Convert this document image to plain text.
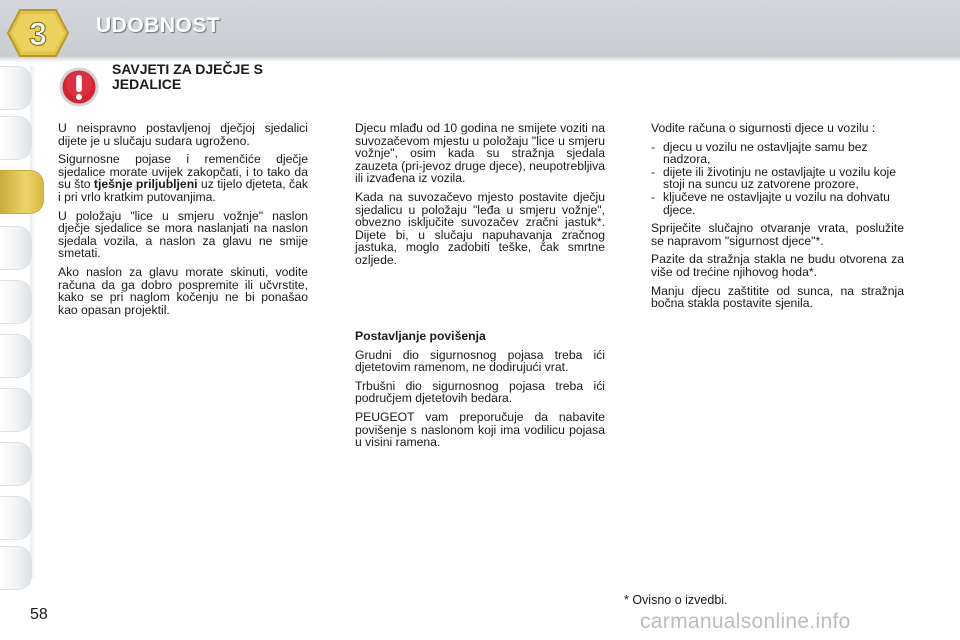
3 UDOBNOST
SAVJETI ZA DJEČJE S JEDALICE

U neispravno postavljenoj dječjoj sjedalici dijete je u slučaju sudara ugroženo.

Sigurnosne pojase i remenčiće dječje sjedalice morate uvijek zakopčati, i to tako da su što tješnje priljubljeni uz tijelo djeteta, čak i pri vrlo kratkim putovanjima.

U položaju "lice u smjeru vožnje" naslon dječje sjedalice se mora naslanjati na naslon sjedala vozila, a naslon za glavu ne smije smetati.

Ako naslon za glavu morate skinuti, vodite računa da ga dobro pospremite ili učvrstite, kako se pri naglom kočenju ne bi ponašao kao opasan projektil.

Djecu mlađu od 10 godina ne smijete voziti na suvozačevom mjestu u položaju "lice u smjeru vožnje", osim kada su stražnja sjedala zauzeta (pri-jevoz druge djece), neupotrebljiva ili izvađena iz vozila.

Kada na suvozačevo mjesto postavite dječju sjedalicu u položaju "leđa u smjeru vožnje", obvezno isključite suvozačev zračni jastuk*. Dijete bi, u slučaju napuhavanja zračnog jastuka, moglo zadobiti teške, čak smrtne ozljede.

Postavljanje povišenja

Grudni dio sigurnosnog pojasa treba ići djetetovim ramenom, ne dodirujući vrat.

Trbušni dio sigurnosnog pojasa treba ići područjem djetetovih bedara.

PEUGEOT vam preporučuje da nabavite povišenje s naslonom koji ima vodilicu pojasa u visini ramena.

Vodite računa o sigurnosti djece u vozilu :

- djecu u vozilu ne ostavljajte samu bez nadzora,
- dijete ili životinju ne ostavljajte u vozilu koje stoji na suncu uz zatvorene prozore,
- ključeve ne ostavljajte u vozilu na dohvatu djece.

Spriječite slučajno otvaranje vrata, poslužite se napravom "sigurnost djece"*.

Pazite da stražnja stakla ne budu otvorena za više od trećine njihovog hoda*.

Manju djecu zaštitite od sunca, na stražnja bočna stakla postavite sjenila.

* Ovisno o izvedbi.
58	carmanualsonline.info
